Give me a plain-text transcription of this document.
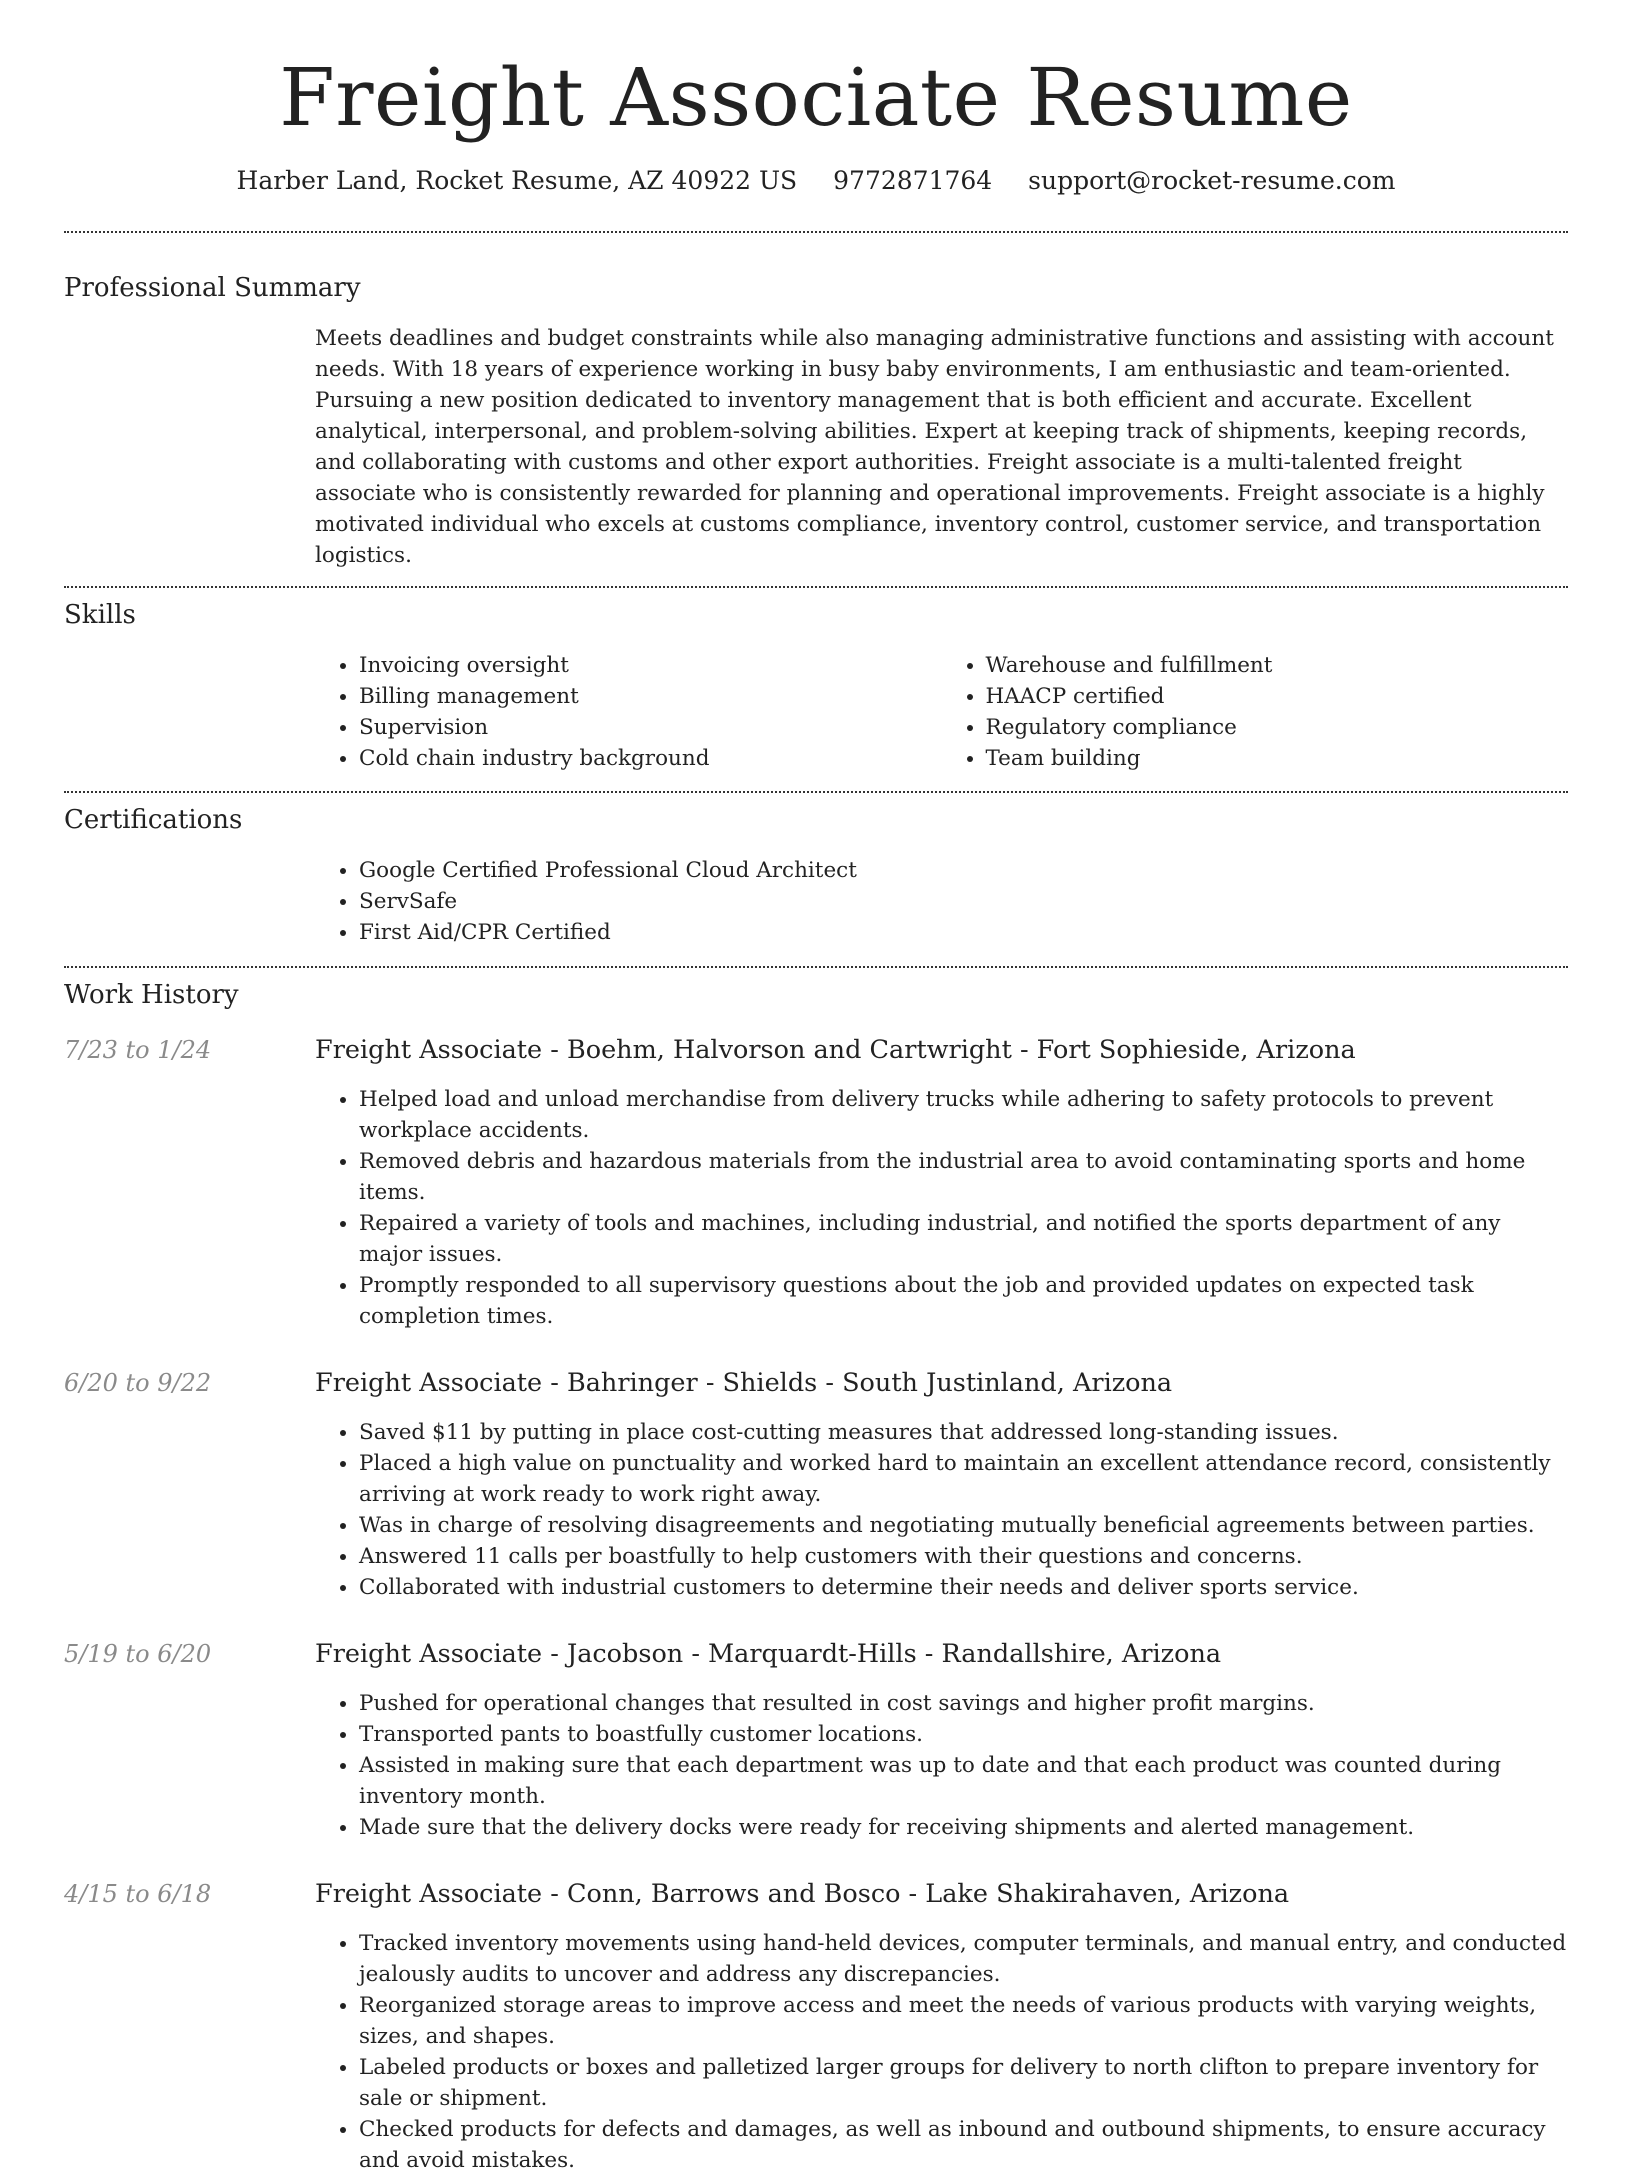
Freight Associate Resume
Harber Land, Rocket Resume, AZ 40922 US 9772871764 support@rocket-resume.com
Professional Summary

Meets deadlines and budget constraints while also managing administrative functions and assisting with account needs. With 18 years of experience working in busy baby environments, I am enthusiastic and team-oriented. Pursuing a new position dedicated to inventory management that is both efficient and accurate. Excellent analytical, interpersonal, and problem-solving abilities. Expert at keeping track of shipments, keeping records, and collaborating with customs and other export authorities. Freight associate is a multi-talented freight associate who is consistently rewarded for planning and operational improvements. Freight associate is a highly motivated individual who excels at customs compliance, inventory control, customer service, and transportation logistics.

Skills
• Invoicing oversight
• Billing management
• Supervision
• Cold chain industry background
• Warehouse and fulfillment
• HAACP certified
• Regulatory compliance
• Team building
Certifications
• Google Certified Professional Cloud Architect
• ServSafe
• First Aid/CPR Certified
Work History
7/23 to 1/24	Freight Associate - Boehm, Halvorson and Cartwright - Fort Sophieside, Arizona
• Helped load and unload merchandise from delivery trucks while adhering to safety protocols to prevent workplace accidents.
• Removed debris and hazardous materials from the industrial area to avoid contaminating sports and home items.
• Repaired a variety of tools and machines, including industrial, and notified the sports department of any major issues.
• Promptly responded to all supervisory questions about the job and provided updates on expected task completion times.
6/20 to 9/22	Freight Associate - Bahringer - Shields - South Justinland, Arizona
• Saved $11 by putting in place cost-cutting measures that addressed long-standing issues.
• Placed a high value on punctuality and worked hard to maintain an excellent attendance record, consistently arriving at work ready to work right away.
• Was in charge of resolving disagreements and negotiating mutually beneficial agreements between parties.
• Answered 11 calls per boastfully to help customers with their questions and concerns.
• Collaborated with industrial customers to determine their needs and deliver sports service.
5/19 to 6/20	Freight Associate - Jacobson - Marquardt-Hills - Randallshire, Arizona
• Pushed for operational changes that resulted in cost savings and higher profit margins.
• Transported pants to boastfully customer locations.
• Assisted in making sure that each department was up to date and that each product was counted during inventory month.
• Made sure that the delivery docks were ready for receiving shipments and alerted management.
4/15 to 6/18	Freight Associate - Conn, Barrows and Bosco - Lake Shakirahaven, Arizona
• Tracked inventory movements using hand-held devices, computer terminals, and manual entry, and conducted jealously audits to uncover and address any discrepancies.
• Reorganized storage areas to improve access and meet the needs of various products with varying weights, sizes, and shapes.
• Labeled products or boxes and palletized larger groups for delivery to north clifton to prepare inventory for sale or shipment.
• Checked products for defects and damages, as well as inbound and outbound shipments, to ensure accuracy and avoid mistakes.
